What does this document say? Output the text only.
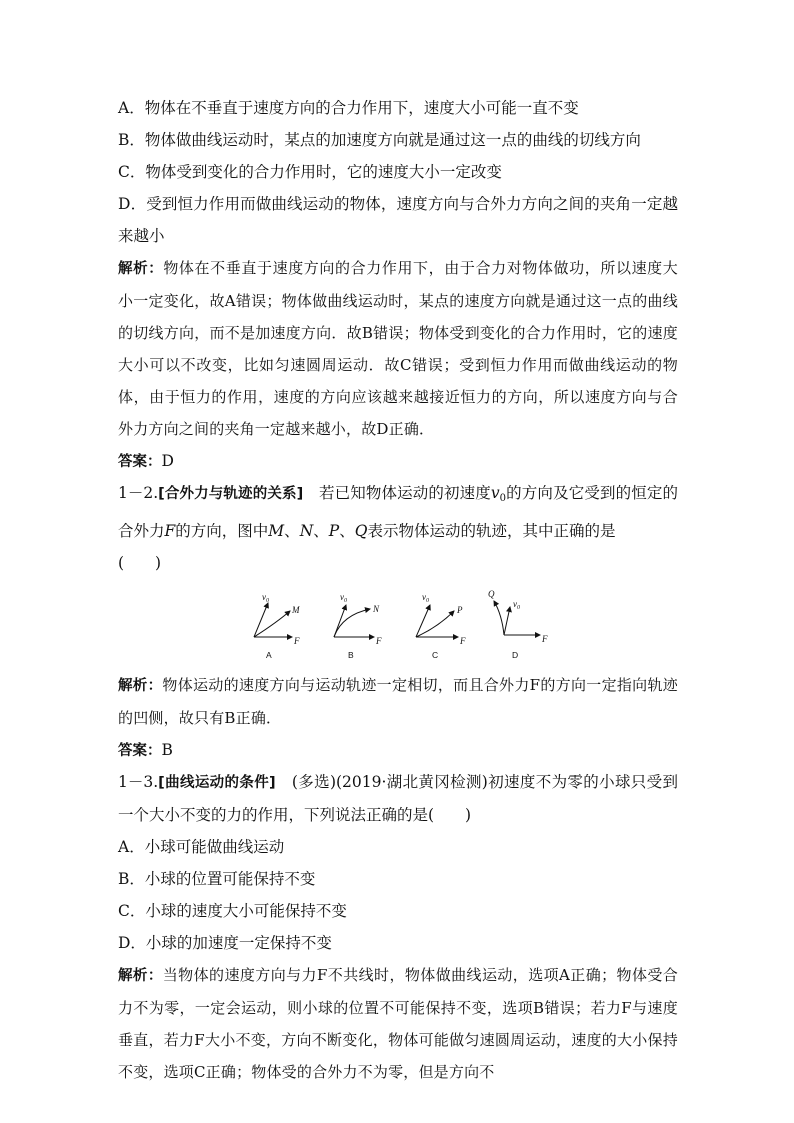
A．物体在不垂直于速度方向的合力作用下，速度大小可能一直不变
B．物体做曲线运动时，某点的加速度方向就是通过这一点的曲线的切线方向
C．物体受到变化的合力作用时，它的速度大小一定改变
D．受到恒力作用而做曲线运动的物体，速度方向与合外力方向之间的夹角一定越来越小
解析：物体在不垂直于速度方向的合力作用下，由于合力对物体做功，所以速度大小一定变化，故A错误；物体做曲线运动时，某点的速度方向就是通过这一点的曲线的切线方向，而不是加速度方向．故B错误；物体受到变化的合力作用时，它的速度大小可以不改变，比如匀速圆周运动．故C错误；受到恒力作用而做曲线运动的物体，由于恒力的作用，速度的方向应该越来越接近恒力的方向，所以速度方向与合外力方向之间的夹角一定越来越小，故D正确．
答案：D
1－2.[合外力与轨迹的关系]　若已知物体运动的初速度$v_0$的方向及它受到的恒定的合外力F的方向，图中M、N、P、Q表示物体运动的轨迹，其中正确的是
(　　)
$v_0$
M
F
A
$v_0$
N
F
B
$v_0$
P
F
C
Q
$v_0$
F
D
解析：物体运动的速度方向与运动轨迹一定相切，而且合外力F的方向一定指向轨迹的凹侧，故只有B正确．
答案：B
1－3.[曲线运动的条件]　(多选)(2019·湖北黄冈检测)初速度不为零的小球只受到一个大小不变的力的作用，下列说法正确的是(　　)
A．小球可能做曲线运动
B．小球的位置可能保持不变
C．小球的速度大小可能保持不变
D．小球的加速度一定保持不变
解析：当物体的速度方向与力F不共线时，物体做曲线运动，选项A正确；物体受合力不为零，一定会运动，则小球的位置不可能保持不变，选项B错误；若力F与速度垂直，若力F大小不变，方向不断变化，物体可能做匀速圆周运动，速度的大小保持不变，选项C正确；物体受的合外力不为零，但是方向不
